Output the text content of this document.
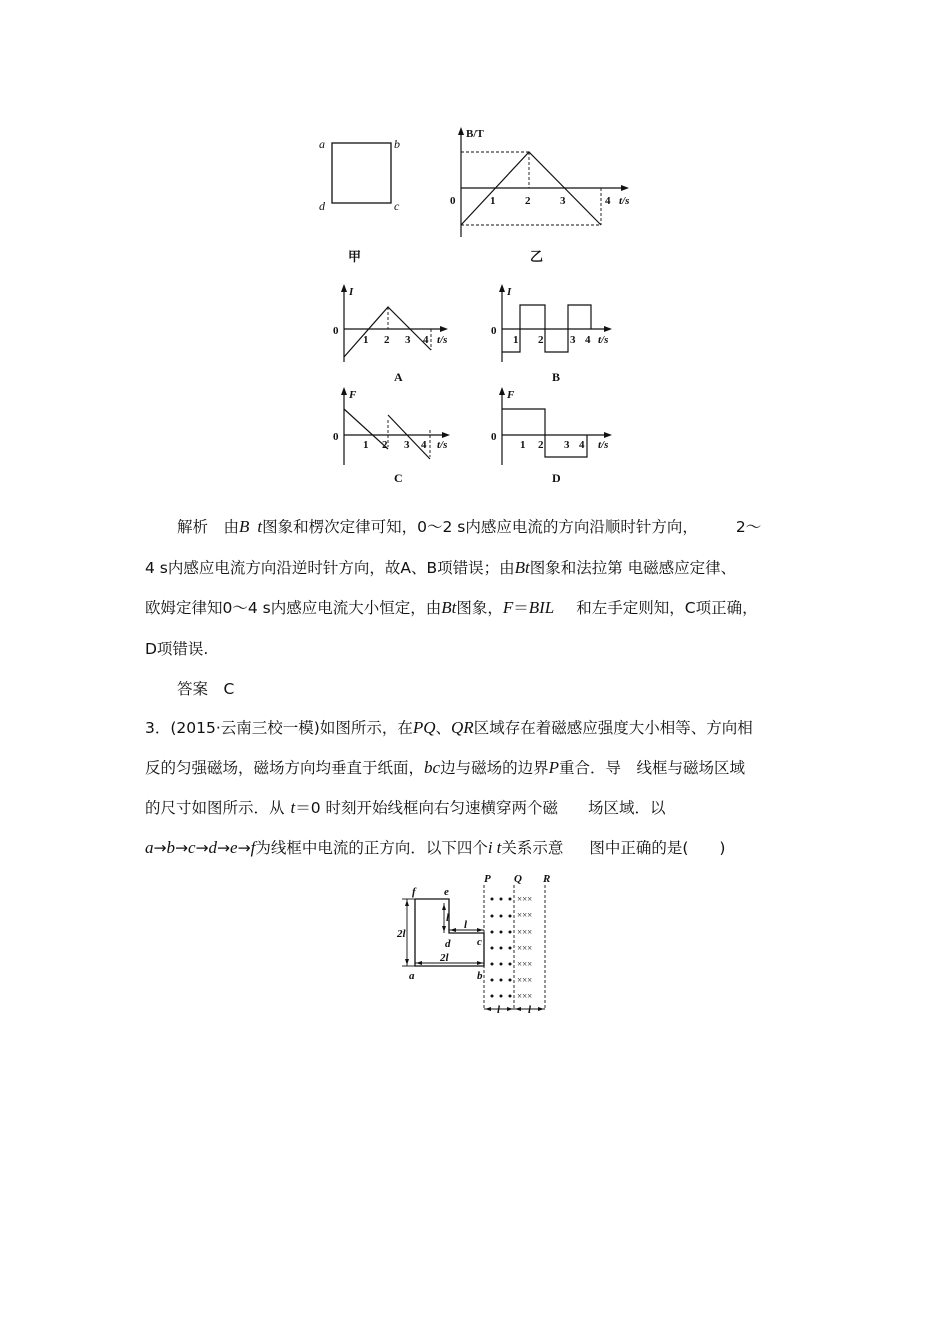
a	b
c
d
甲
B/T
0	1	2	3	4 t/s
乙
I
0
1 2 3 4 t/s
A
I
0
1 2 3 4 t/s
B
F
0
1 2 3 4 t/s
C
F
0
1 2 3 4 t/s
D
解析　由B t图象和楞次定律可知，0～2 s内感应电流的方向沿顺时针方向， 2～
4 s内感应电流方向沿逆时针方向，故A、B项错误；由Bt图象和法拉第 电磁感应定律、
欧姆定律知0～4 s内感应电流大小恒定，由Bt图象，F＝BIL 和左手定则知，C项正确，
D项错误.
答案　C
3．(2015·云南三校一模)如图所示，在PQ、QR区域存在着磁感应强度大小相等、方向相
反的匀强磁场，磁场方向均垂直于纸面，bc边与磁场的边界P重合．导　线框与磁场区域
的尺寸如图所示．从 t＝0 时刻开始线框向右匀速横穿两个磁 场区域．以
a→b→c→d→e→f为线框中电流的正方向．以下四个i t关系示意 图中正确的是(　　)
×××
×××
×××
×××
×××
×××
×××
f	e
l
d
l
c
2l
2l
a	b
P Q R
l	l
